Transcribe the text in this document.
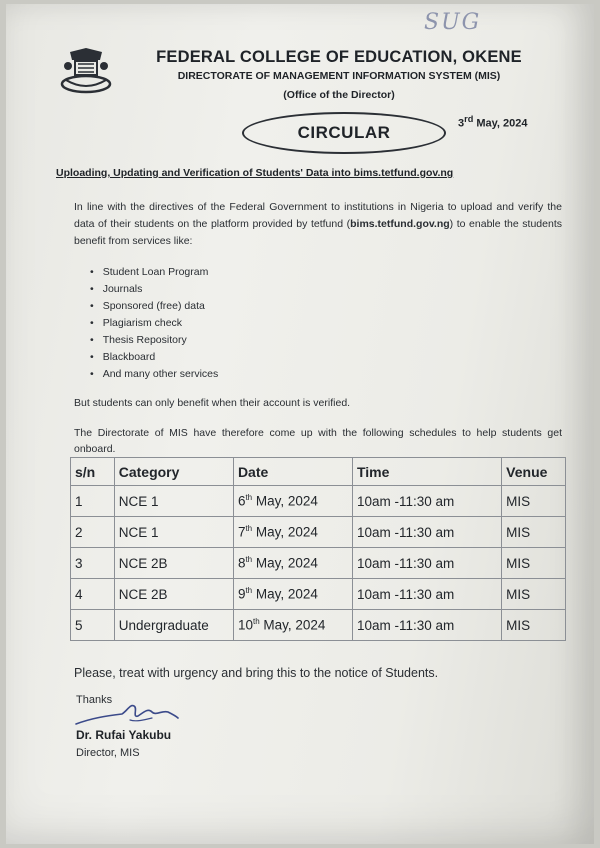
SUG
FEDERAL COLLEGE OF EDUCATION, OKENE
DIRECTORATE OF MANAGEMENT INFORMATION SYSTEM (MIS)
(Office of the Director)
CIRCULAR	3rd May, 2024
Uploading, Updating and Verification of Students' Data into bims.tetfund.gov.ng
In line with the directives of the Federal Government to institutions in Nigeria to upload and verify the data of their students on the platform provided by tetfund (bims.tetfund.gov.ng) to enable the students benefit from services like:
• Student Loan Program
• Journals
• Sponsored (free) data
• Plagiarism check
• Thesis Repository
• Blackboard
• And many other services
But students can only benefit when their account is verified.
The Directorate of MIS have therefore come up with the following schedules to help students get onboard.
s/n	Category	Date	Time	Venue
1	NCE 1	6th May, 2024	10am -11:30 am	MIS
2	NCE 1	7th May, 2024	10am -11:30 am	MIS
3	NCE 2B	8th May, 2024	10am -11:30 am	MIS
4	NCE 2B	9th May, 2024	10am -11:30 am	MIS
5	Undergraduate	10th May, 2024	10am -11:30 am	MIS
Please, treat with urgency and bring this to the notice of Students.
Thanks
Dr. Rufai Yakubu
Director, MIS
